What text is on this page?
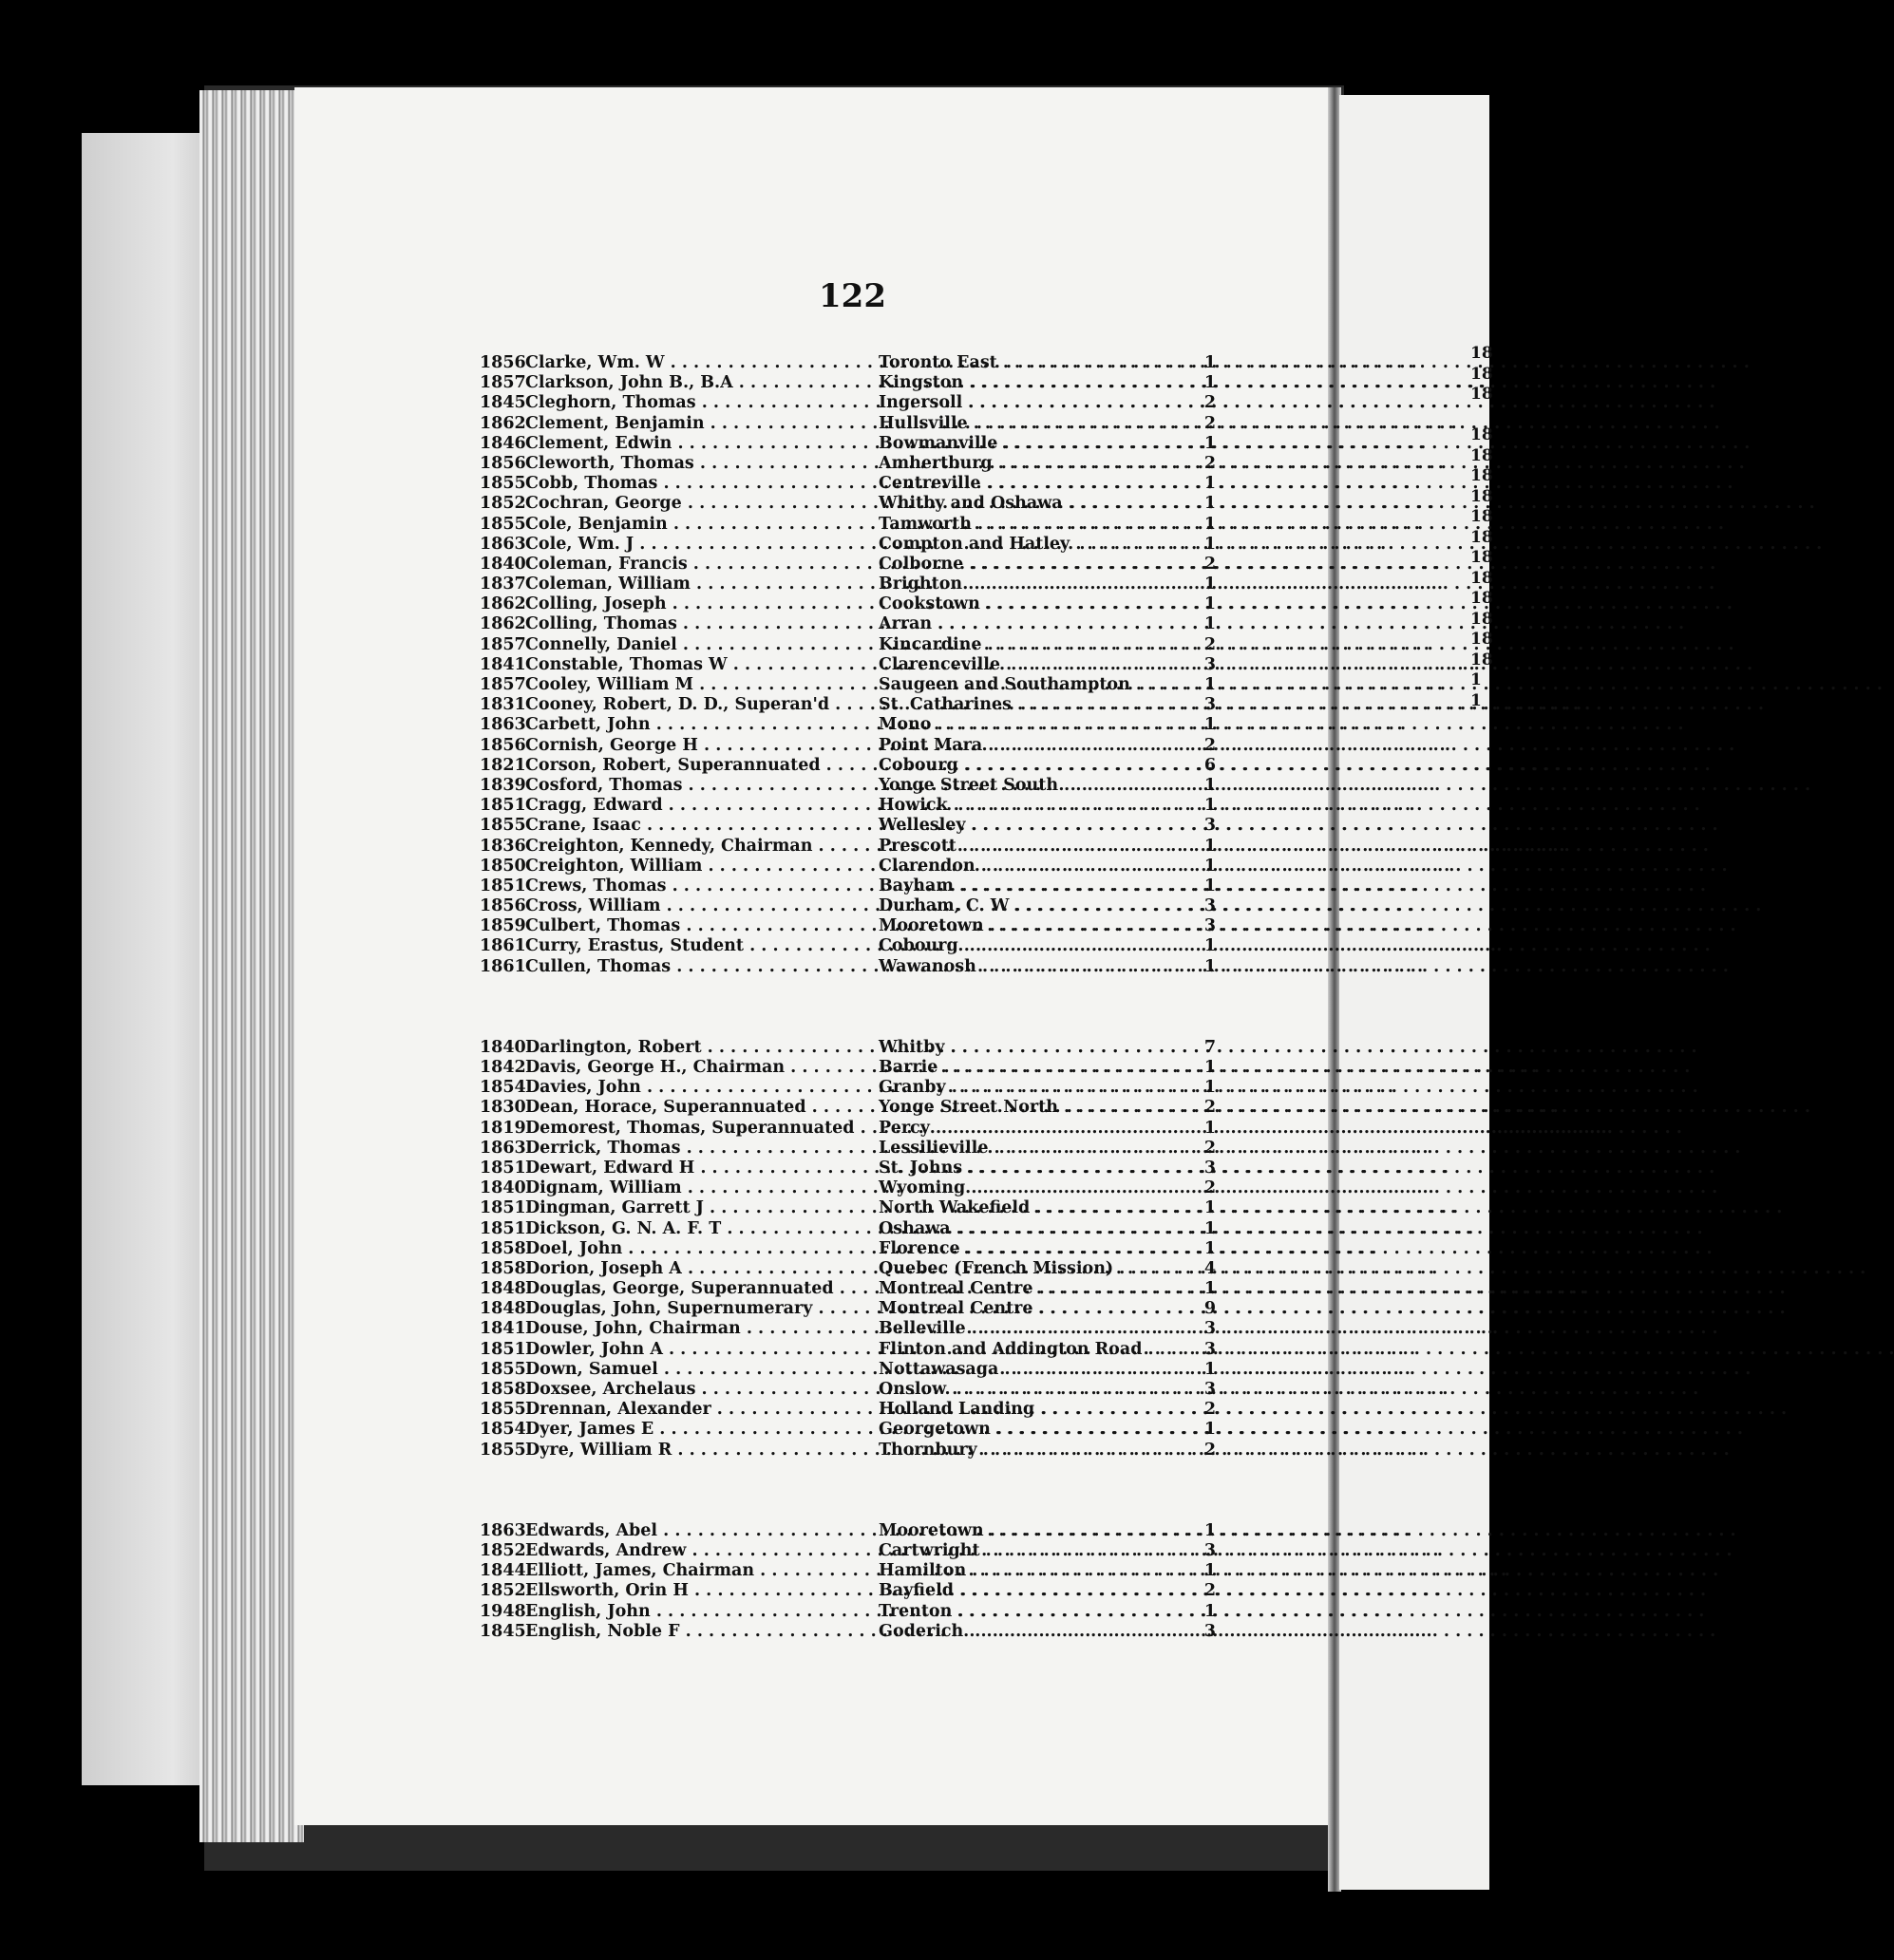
122
1856 Clarke, Wm. W . . .	Toronto East . . .	1
1857 Clarkson, John B., B.A . . .	Kingston . . .	1
1845 Cleghorn, Thomas . . .	Ingersoll . . .	2
1862 Clement, Benjamin . . .	Hullsville . . .	2
1846 Clement, Edwin . . .	Bowmanville . . .	1
1856 Cleworth, Thomas . . .	Amhertburg . . .	2
1855 Cobb, Thomas . . .	Centreville . . .	1
1852 Cochran, George . . .	Whitby and Oshawa . . .	1
1855 Cole, Benjamin . . .	Tamworth . . .	1
1863 Cole, Wm. J . . .	Compton and Hatley . . .	1
1840 Coleman, Francis . . .	Colborne . . .	2
1837 Coleman, William . . .	Brighton . . .	1
1862 Colling, Joseph . . .	Cookstown . . .	1
1862 Colling, Thomas . . .	Arran . . .	1
1857 Connelly, Daniel . . .	Kincardine . . .	2
1841 Constable, Thomas W . . .	Clarenceville . . .	3
1857 Cooley, William M . . .	Saugeen and Southampton . . .	1
1831 Cooney, Robert, D. D., Superan'd . . .	St. Catharines . . .	3
1863 Carbett, John . . .	Mono . . .	1
1856 Cornish, George H . . .	Point Mara . . .	2
1821 Corson, Robert, Superannuated . . .	Cobourg . . .	6
1839 Cosford, Thomas . . .	Yonge Street South . . .	1
1851 Cragg, Edward . . .	Howick . . .	1
1855 Crane, Isaac . . .	Wellesley . . .	3
1836 Creighton, Kennedy, Chairman . . .	Prescott . . .	1
1850 Creighton, William . . .	Clarendon . . .	1
1851 Crews, Thomas . . .	Bayham . . .	1
1856 Cross, William . . .	Durham, C. W . . .	3
1859 Culbert, Thomas . . .	Mooretown . . .	3
1861 Curry, Erastus, Student . . .	Cobourg . . .	1
1861 Cullen, Thomas . . .	Wawanosh . . .	1
1840 Darlington, Robert . . .	Whitby . . .	7
1842 Davis, George H., Chairman . . .	Barrie . . .	1
1854 Davies, John . . .	Granby . . .	1
1830 Dean, Horace, Superannuated . . .	Yonge Street North . . .	2
1819 Demorest, Thomas, Superannuated . . .	Percy . . .	1
1863 Derrick, Thomas . . .	Lessilieville . . .	2
1851 Dewart, Edward H . . .	St. Johns . . .	3
1840 Dignam, William . . .	Wyoming . . .	2
1851 Dingman, Garrett J . . .	North Wakefield . . .	1
1851 Dickson, G. N. A. F. T . . .	Oshawa . . .	1
1858 Doel, John . . .	Florence . . .	1
1858 Dorion, Joseph A . . .	Quebec (French Mission) . . .	4
1848 Douglas, George, Superannuated . . .	Montreal Centre . . .	1
1848 Douglas, John, Supernumerary . . .	Montreal Centre . . .	9
1841 Douse, John, Chairman . . .	Belleville . . .	3
1851 Dowler, John A . . .	Flinton and Addington Road . . .	3
1855 Down, Samuel . . .	Nottawasaga . . .	1
1858 Doxsee, Archelaus . . .	Onslow . . .	3
1855 Drennan, Alexander . . .	Holland Landing . . .	2
1854 Dyer, James E . . .	Georgetown . . .	1
1855 Dyre, William R . . .	Thornbury . . .	2
1863 Edwards, Abel . . .	Mooretown . . .	1
1852 Edwards, Andrew . . .	Cartwright . . .	3
1844 Elliott, James, Chairman . . .	Hamilton . . .	1
1852 Ellsworth, Orin H . . .	Bayfield . . .	2
1948 English, John . . .	Trenton . . .	1
1845 English, Noble F . . .	Goderich . . .	3
18
18
18
18
18
18
18
18
18
18
18
18
18
18
18
1
1
